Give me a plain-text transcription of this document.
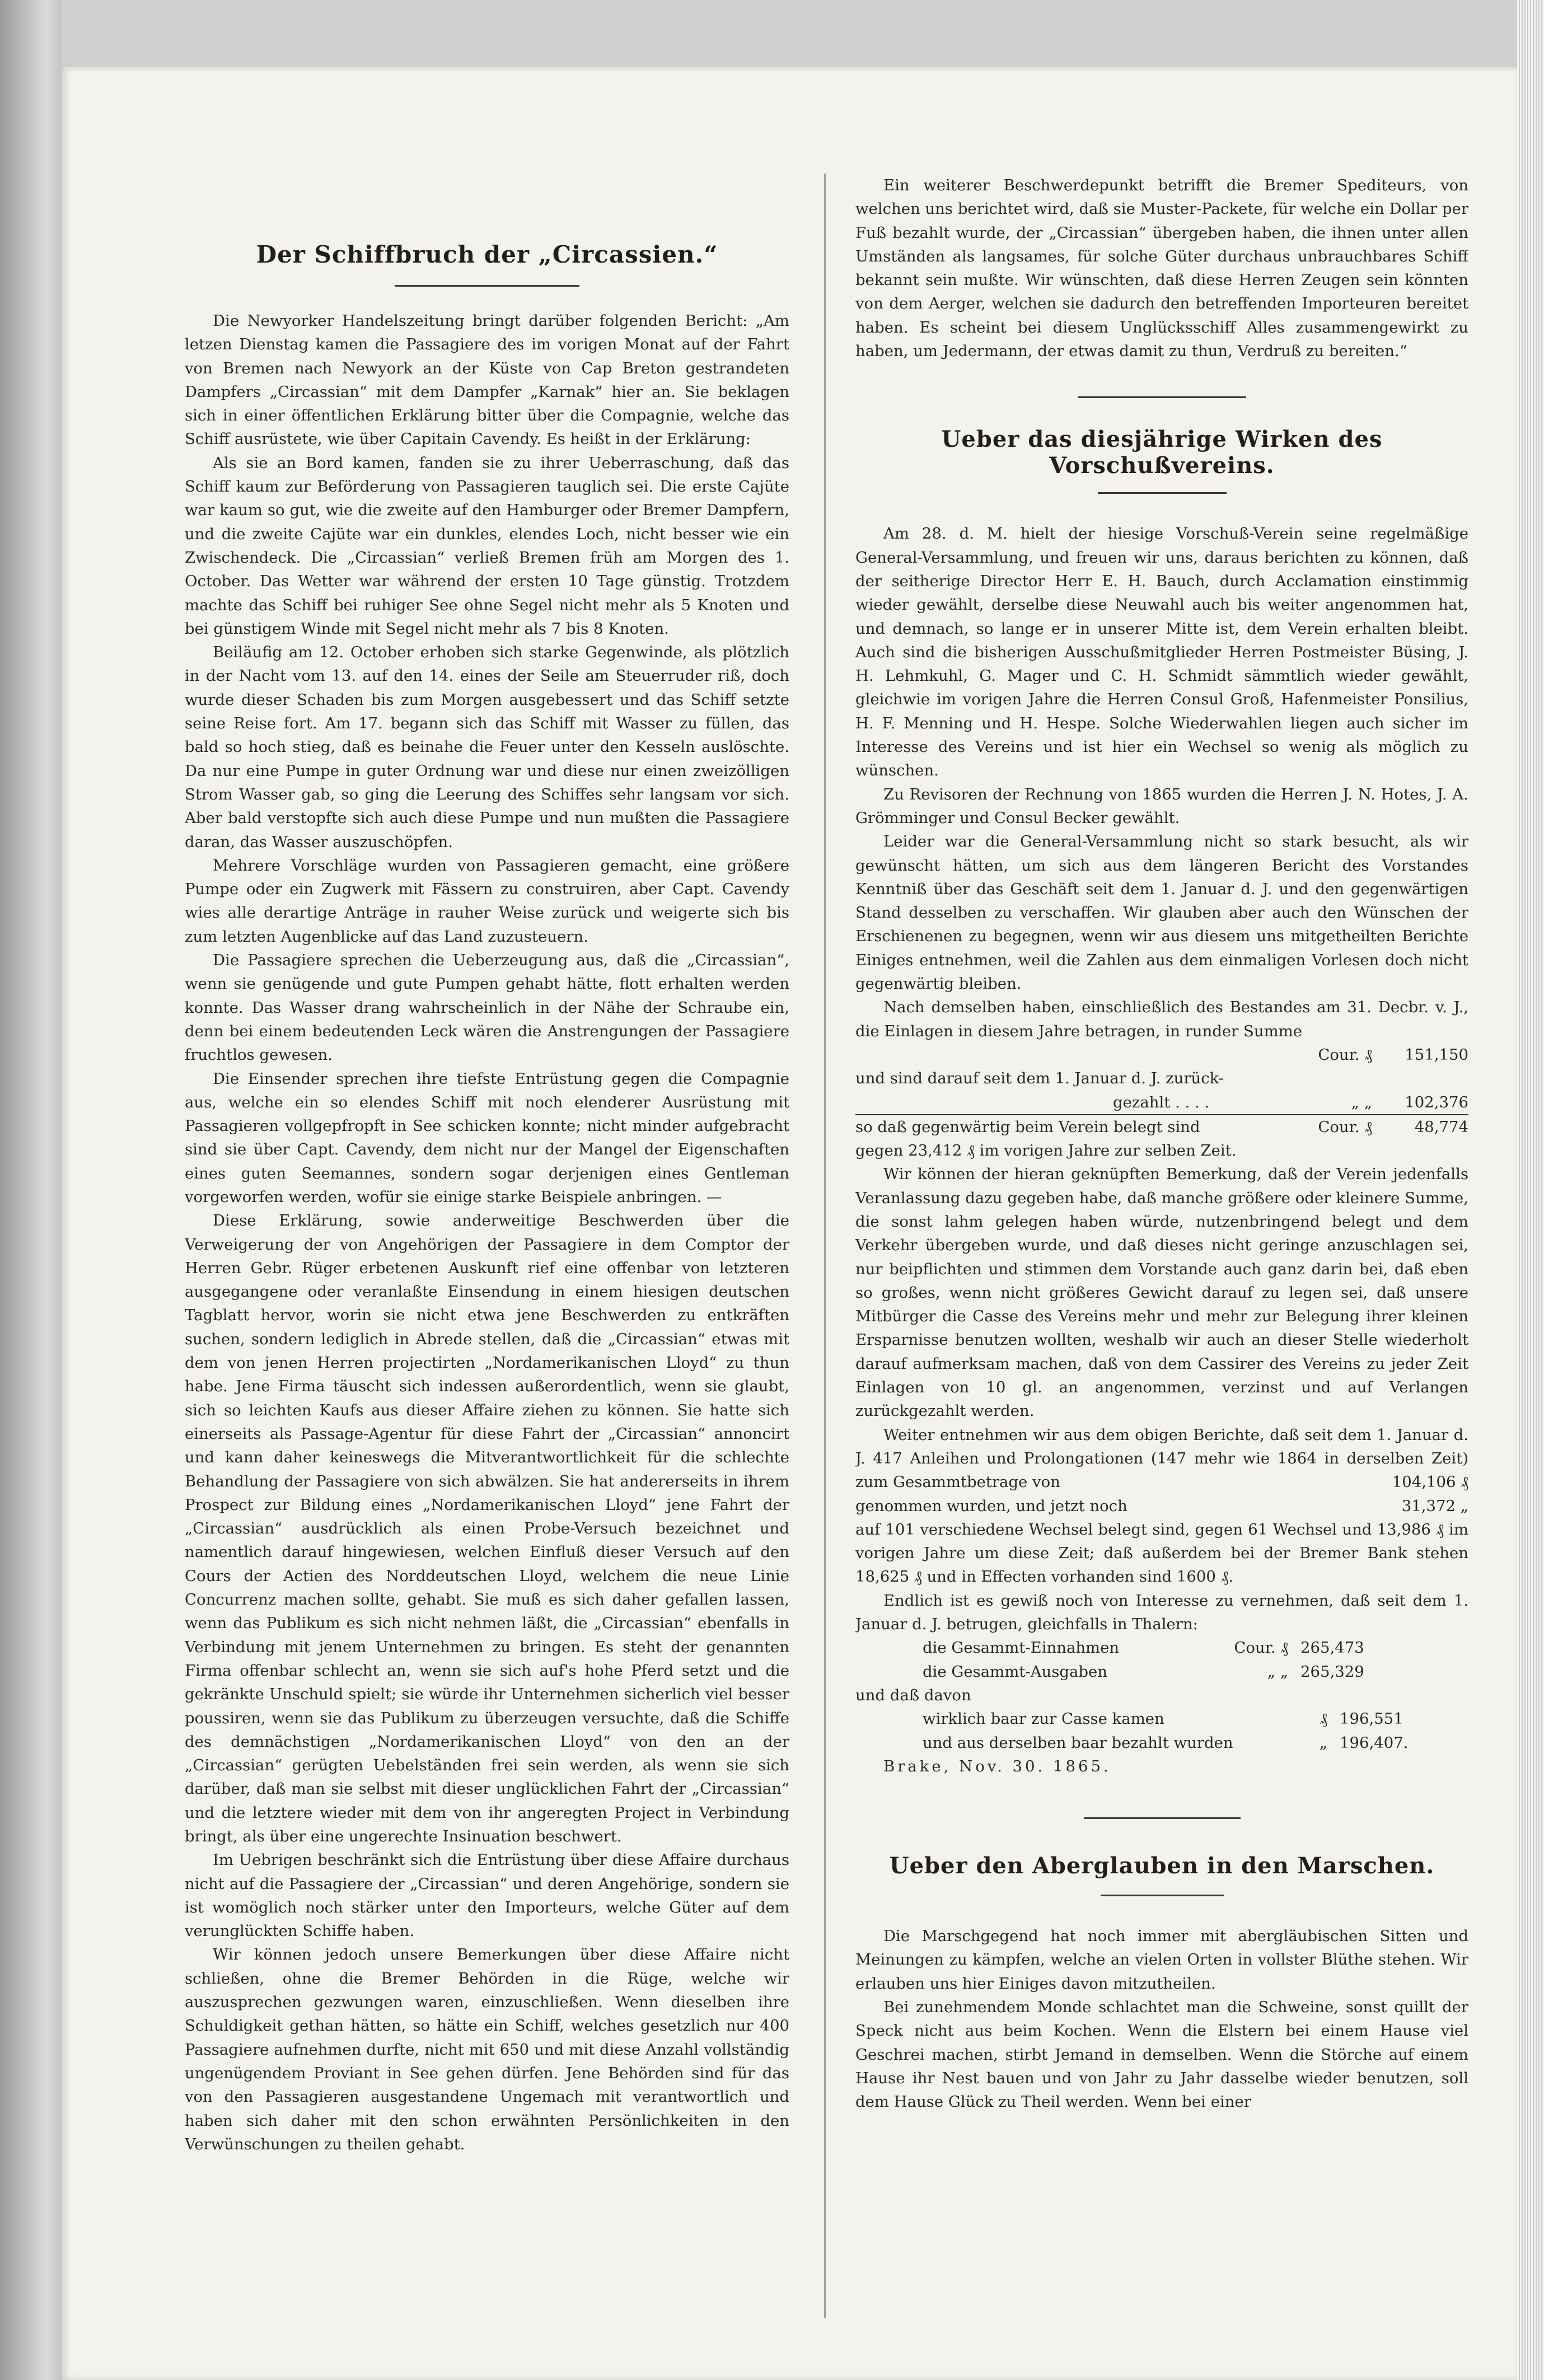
Der Schiffbruch der „Circassien.“

Die Newyorker Handelszeitung bringt darüber folgenden Bericht: „Am letzen Dienstag kamen die Passagiere des im vorigen Monat auf der Fahrt von Bremen nach Newyork an der Küste von Cap Breton gestrandeten Dampfers „Circassian“ mit dem Dampfer „Karnak“ hier an. Sie beklagen sich in einer öffentlichen Erklärung bitter über die Compagnie, welche das Schiff ausrüstete, wie über Capitain Cavendy. Es heißt in der Erklärung:

Als sie an Bord kamen, fanden sie zu ihrer Ueberraschung, daß das Schiff kaum zur Beförderung von Passagieren tauglich sei. Die erste Cajüte war kaum so gut, wie die zweite auf den Hamburger oder Bremer Dampfern, und die zweite Cajüte war ein dunkles, elendes Loch, nicht besser wie ein Zwischendeck. Die „Circassian“ verließ Bremen früh am Morgen des 1. October. Das Wetter war während der ersten 10 Tage günstig. Trotzdem machte das Schiff bei ruhiger See ohne Segel nicht mehr als 5 Knoten und bei günstigem Winde mit Segel nicht mehr als 7 bis 8 Knoten.

Beiläufig am 12. October erhoben sich starke Gegenwinde, als plötzlich in der Nacht vom 13. auf den 14. eines der Seile am Steuerruder riß, doch wurde dieser Schaden bis zum Morgen ausgebessert und das Schiff setzte seine Reise fort. Am 17. begann sich das Schiff mit Wasser zu füllen, das bald so hoch stieg, daß es beinahe die Feuer unter den Kesseln auslöschte. Da nur eine Pumpe in guter Ordnung war und diese nur einen zweizölligen Strom Wasser gab, so ging die Leerung des Schiffes sehr langsam vor sich. Aber bald verstopfte sich auch diese Pumpe und nun mußten die Passagiere daran, das Wasser auszuschöpfen.

Mehrere Vorschläge wurden von Passagieren gemacht, eine größere Pumpe oder ein Zugwerk mit Fässern zu construiren, aber Capt. Cavendy wies alle derartige Anträge in rauher Weise zurück und weigerte sich bis zum letzten Augenblicke auf das Land zuzusteuern.

Die Passagiere sprechen die Ueberzeugung aus, daß die „Circassian“, wenn sie genügende und gute Pumpen gehabt hätte, flott erhalten werden konnte. Das Wasser drang wahrscheinlich in der Nähe der Schraube ein, denn bei einem bedeutenden Leck wären die Anstrengungen der Passagiere fruchtlos gewesen.

Die Einsender sprechen ihre tiefste Entrüstung gegen die Compagnie aus, welche ein so elendes Schiff mit noch elenderer Ausrüstung mit Passagieren vollgepfropft in See schicken konnte; nicht minder aufgebracht sind sie über Capt. Cavendy, dem nicht nur der Mangel der Eigenschaften eines guten Seemannes, sondern sogar derjenigen eines Gentleman vorgeworfen werden, wofür sie einige starke Beispiele anbringen. —

Diese Erklärung, sowie anderweitige Beschwerden über die Verweigerung der von Angehörigen der Passagiere in dem Comptor der Herren Gebr. Rüger erbetenen Auskunft rief eine offenbar von letzteren ausgegangene oder veranlaßte Einsendung in einem hiesigen deutschen Tagblatt hervor, worin sie nicht etwa jene Beschwerden zu entkräften suchen, sondern lediglich in Abrede stellen, daß die „Circassian“ etwas mit dem von jenen Herren projectirten „Nordamerikanischen Lloyd“ zu thun habe. Jene Firma täuscht sich indessen außerordentlich, wenn sie glaubt, sich so leichten Kaufs aus dieser Affaire ziehen zu können. Sie hatte sich einerseits als Passage-Agentur für diese Fahrt der „Circassian“ annoncirt und kann daher keineswegs die Mitverantwortlichkeit für die schlechte Behandlung der Passagiere von sich abwälzen. Sie hat andererseits in ihrem Prospect zur Bildung eines „Nordamerikanischen Lloyd“ jene Fahrt der „Circassian“ ausdrücklich als einen Probe-Versuch bezeichnet und namentlich darauf hingewiesen, welchen Einfluß dieser Versuch auf den Cours der Actien des Norddeutschen Lloyd, welchem die neue Linie Concurrenz machen sollte, gehabt. Sie muß es sich daher gefallen lassen, wenn das Publikum es sich nicht nehmen läßt, die „Circassian“ ebenfalls in Verbindung mit jenem Unternehmen zu bringen. Es steht der genannten Firma offenbar schlecht an, wenn sie sich auf's hohe Pferd setzt und die gekränkte Unschuld spielt; sie würde ihr Unternehmen sicherlich viel besser poussiren, wenn sie das Publikum zu überzeugen versuchte, daß die Schiffe des demnächstigen „Nordamerikanischen Lloyd“ von den an der „Circassian“ gerügten Uebelständen frei sein werden, als wenn sie sich darüber, daß man sie selbst mit dieser unglücklichen Fahrt der „Circassian“ und die letztere wieder mit dem von ihr angeregten Project in Verbindung bringt, als über eine ungerechte Insinuation beschwert.

Im Uebrigen beschränkt sich die Entrüstung über diese Affaire durchaus nicht auf die Passagiere der „Circassian“ und deren Angehörige, sondern sie ist womöglich noch stärker unter den Importeurs, welche Güter auf dem verunglückten Schiffe haben.

Wir können jedoch unsere Bemerkungen über diese Affaire nicht schließen, ohne die Bremer Behörden in die Rüge, welche wir auszusprechen gezwungen waren, einzuschließen. Wenn dieselben ihre Schuldigkeit gethan hätten, so hätte ein Schiff, welches gesetzlich nur 400 Passagiere aufnehmen durfte, nicht mit 650 und mit diese Anzahl vollständig ungenügendem Proviant in See gehen dürfen. Jene Behörden sind für das von den Passagieren ausgestandene Ungemach mit verantwortlich und haben sich daher mit den schon erwähnten Persönlichkeiten in den Verwünschungen zu theilen gehabt.

Ein weiterer Beschwerdepunkt betrifft die Bremer Spediteurs, von welchen uns berichtet wird, daß sie Muster-Packete, für welche ein Dollar per Fuß bezahlt wurde, der „Circassian“ übergeben haben, die ihnen unter allen Umständen als langsames, für solche Güter durchaus unbrauchbares Schiff bekannt sein mußte. Wir wünschten, daß diese Herren Zeugen sein könnten von dem Aerger, welchen sie dadurch den betreffenden Importeuren bereitet haben. Es scheint bei diesem Unglücksschiff Alles zusammengewirkt zu haben, um Jedermann, der etwas damit zu thun, Verdruß zu bereiten.“

Ueber das diesjährige Wirken des Vorschußvereins.

Am 28. d. M. hielt der hiesige Vorschuß-Verein seine regelmäßige General-Versammlung, und freuen wir uns, daraus berichten zu können, daß der seitherige Director Herr E. H. Bauch, durch Acclamation einstimmig wieder gewählt, derselbe diese Neuwahl auch bis weiter angenommen hat, und demnach, so lange er in unserer Mitte ist, dem Verein erhalten bleibt. Auch sind die bisherigen Ausschußmitglieder Herren Postmeister Büsing, J. H. Lehmkuhl, G. Mager und C. H. Schmidt sämmtlich wieder gewählt, gleichwie im vorigen Jahre die Herren Consul Groß, Hafenmeister Ponsilius, H. F. Menning und H. Hespe. Solche Wiederwahlen liegen auch sicher im Interesse des Vereins und ist hier ein Wechsel so wenig als möglich zu wünschen.

Zu Revisoren der Rechnung von 1865 wurden die Herren J. N. Hotes, J. A. Grömminger und Consul Becker gewählt.

Leider war die General-Versammlung nicht so stark besucht, als wir gewünscht hätten, um sich aus dem längeren Bericht des Vorstandes Kenntniß über das Geschäft seit dem 1. Januar d. J. und den gegenwärtigen Stand desselben zu verschaffen. Wir glauben aber auch den Wünschen der Erschienenen zu begegnen, wenn wir aus diesem uns mitgetheilten Berichte Einiges entnehmen, weil die Zahlen aus dem einmaligen Vorlesen doch nicht gegenwärtig bleiben.

Nach demselben haben, einschließlich des Bestandes am 31. Decbr. v. J., die Einlagen in diesem Jahre betragen, in runder Summe

	Cour. ₰	151,150
und sind darauf seit dem 1. Januar d. J. zurück-		
gezahlt . . . .	„ „	102,376
so daß gegenwärtig beim Verein belegt sind	Cour. ₰	48,774

gegen 23,412 ₰ im vorigen Jahre zur selben Zeit.

Wir können der hieran geknüpften Bemerkung, daß der Verein jedenfalls Veranlassung dazu gegeben habe, daß manche größere oder kleinere Summe, die sonst lahm gelegen haben würde, nutzenbringend belegt und dem Verkehr übergeben wurde, und daß dieses nicht geringe anzuschlagen sei, nur beipflichten und stimmen dem Vorstande auch ganz darin bei, daß eben so großes, wenn nicht größeres Gewicht darauf zu legen sei, daß unsere Mitbürger die Casse des Vereins mehr und mehr zur Belegung ihrer kleinen Ersparnisse benutzen wollten, weshalb wir auch an dieser Stelle wiederholt darauf aufmerksam machen, daß von dem Cassirer des Vereins zu jeder Zeit Einlagen von 10 gl. an angenommen, verzinst und auf Verlangen zurückgezahlt werden.

Weiter entnehmen wir aus dem obigen Berichte, daß seit dem 1. Januar d. J. 417 Anleihen und Prolongationen (147 mehr wie 1864 in derselben Zeit) zum Gesammtbetrage von	104,106 ₰

genommen wurden, und jetzt noch	31,372 „

auf 101 verschiedene Wechsel belegt sind, gegen 61 Wechsel und 13,986 ₰ im vorigen Jahre um diese Zeit; daß außerdem bei der Bremer Bank stehen 18,625 ₰ und in Effecten vorhanden sind 1600 ₰.

Endlich ist es gewiß noch von Interesse zu vernehmen, daß seit dem 1. Januar d. J. betrugen, gleichfalls in Thalern:

die Gesammt-Einnahmen	Cour. ₰	265,473	
die Gesammt-Ausgaben	„ „	265,329	

und daß davon

wirklich baar zur Casse kamen	₰	196,551	
und aus derselben baar bezahlt wurden	„	196,407.	

Brake, Nov. 30. 1865.

Ueber den Aberglauben in den Marschen.

Die Marschgegend hat noch immer mit abergläubischen Sitten und Meinungen zu kämpfen, welche an vielen Orten in vollster Blüthe stehen. Wir erlauben uns hier Einiges davon mitzutheilen.

Bei zunehmendem Monde schlachtet man die Schweine, sonst quillt der Speck nicht aus beim Kochen. Wenn die Elstern bei einem Hause viel Geschrei machen, stirbt Jemand in demselben. Wenn die Störche auf einem Hause ihr Nest bauen und von Jahr zu Jahr dasselbe wieder benutzen, soll dem Hause Glück zu Theil werden. Wenn bei einer
